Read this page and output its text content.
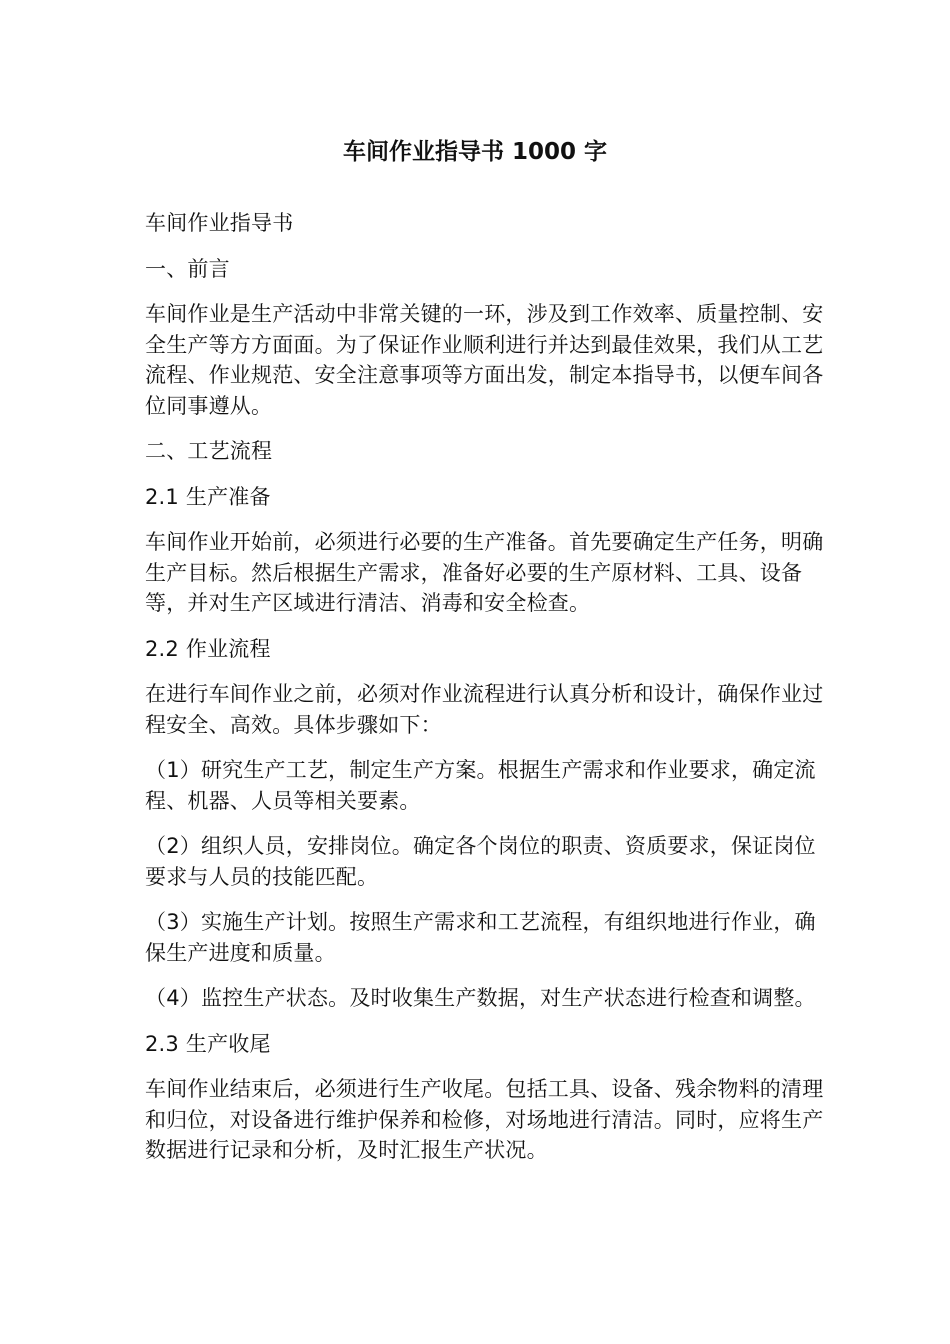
车间作业指导书 1000 字

车间作业指导书

一、前言

车间作业是生产活动中非常关键的一环，涉及到工作效率、质量控制、安全生产等方方面面。为了保证作业顺利进行并达到最佳效果，我们从工艺流程、作业规范、安全注意事项等方面出发，制定本指导书，以便车间各位同事遵从。

二、工艺流程

2.1 生产准备

车间作业开始前，必须进行必要的生产准备。首先要确定生产任务，明确生产目标。然后根据生产需求，准备好必要的生产原材料、工具、设备等，并对生产区域进行清洁、消毒和安全检查。

2.2 作业流程

在进行车间作业之前，必须对作业流程进行认真分析和设计，确保作业过程安全、高效。具体步骤如下：

（1）研究生产工艺，制定生产方案。根据生产需求和作业要求，确定流程、机器、人员等相关要素。

（2）组织人员，安排岗位。确定各个岗位的职责、资质要求，保证岗位要求与人员的技能匹配。

（3）实施生产计划。按照生产需求和工艺流程，有组织地进行作业，确保生产进度和质量。

（4）监控生产状态。及时收集生产数据，对生产状态进行检查和调整。

2.3 生产收尾

车间作业结束后，必须进行生产收尾。包括工具、设备、残余物料的清理和归位，对设备进行维护保养和检修，对场地进行清洁。同时，应将生产数据进行记录和分析，及时汇报生产状况。
